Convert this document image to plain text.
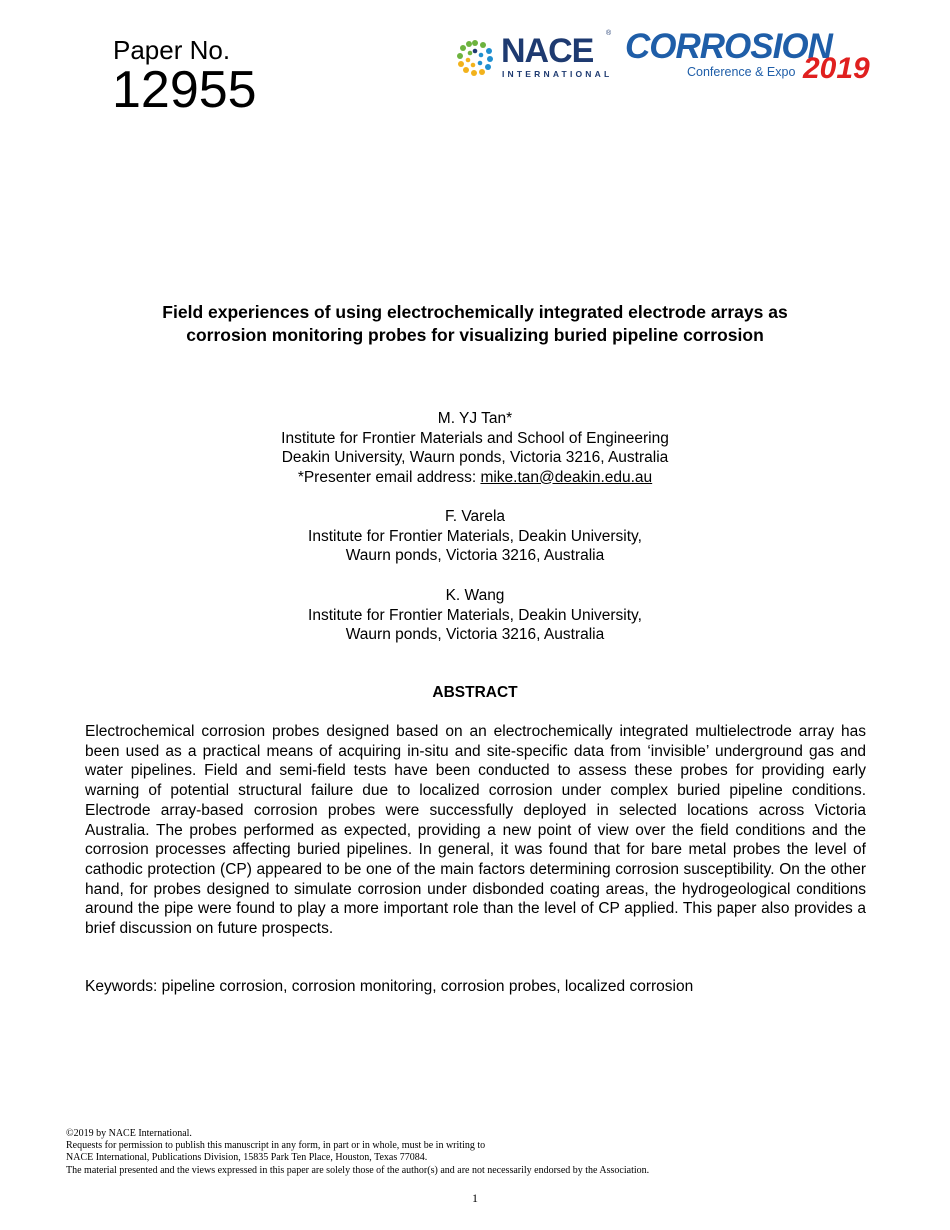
Paper No.
12955
NACE ®
INTERNATIONAL
CORROSION
Conference & Expo 2019
Field experiences of using electrochemically integrated electrode arrays as
corrosion monitoring probes for visualizing buried pipeline corrosion
M. YJ Tan*
Institute for Frontier Materials and School of Engineering
Deakin University, Waurn ponds, Victoria 3216, Australia
*Presenter email address: mike.tan@deakin.edu.au
F. Varela
Institute for Frontier Materials, Deakin University,
Waurn ponds, Victoria 3216, Australia
K. Wang
Institute for Frontier Materials, Deakin University,
Waurn ponds, Victoria 3216, Australia
ABSTRACT
Electrochemical corrosion probes designed based on an electrochemically integrated multielectrode array has been used as a practical means of acquiring in-situ and site-specific data from ‘invisible’ underground gas and water pipelines. Field and semi-field tests have been conducted to assess these probes for providing early warning of potential structural failure due to localized corrosion under complex buried pipeline conditions. Electrode array-based corrosion probes were successfully deployed in selected locations across Victoria Australia. The probes performed as expected, providing a new point of view over the field conditions and the corrosion processes affecting buried pipelines. In general, it was found that for bare metal probes the level of cathodic protection (CP) appeared to be one of the main factors determining corrosion susceptibility. On the other hand, for probes designed to simulate corrosion under disbonded coating areas, the hydrogeological conditions around the pipe were found to play a more important role than the level of CP applied. This paper also provides a brief discussion on future prospects.
Keywords: pipeline corrosion, corrosion monitoring, corrosion probes, localized corrosion
©2019 by NACE International.
Requests for permission to publish this manuscript in any form, in part or in whole, must be in writing to
NACE International, Publications Division, 15835 Park Ten Place, Houston, Texas 77084.
The material presented and the views expressed in this paper are solely those of the author(s) and are not necessarily endorsed by the Association.
1
